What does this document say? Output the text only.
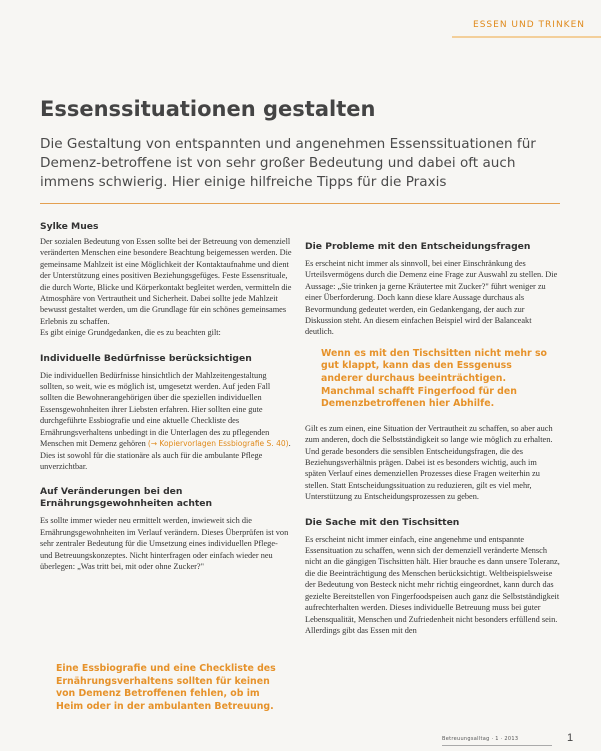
ESSEN UND TRINKEN
Essenssituationen gestalten

Die Gestaltung von entspannten und angenehmen Essenssituationen für Demenz-betroffene ist von sehr großer Bedeutung und dabei oft auch immens schwierig. Hier einige hilfreiche Tipps für die Praxis

Sylke Mues

Der sozialen Bedeutung von Essen sollte bei der Betreuung von demenziell veränderten Menschen eine besondere Beachtung beigemessen werden. Die gemeinsame Mahlzeit ist eine Möglichkeit der Kontaktaufnahme und dient der Unterstützung eines positiven Beziehungsgefüges. Feste Essensrituale, die durch Worte, Blicke und Körperkontakt begleitet werden, vermitteln die Atmosphäre von Vertrautheit und Sicherheit. Dabei sollte jede Mahlzeit bewusst gestaltet werden, um die Grundlage für ein schönes gemeinsames Erlebnis zu schaffen.

Es gibt einige Grundgedanken, die es zu beachten gilt:

Individuelle Bedürfnisse berücksichtigen

Die individuellen Bedürfnisse hinsichtlich der Mahlzeitengestaltung sollten, so weit, wie es möglich ist, umgesetzt werden. Auf jeden Fall sollten die Bewohnerangehörigen über die speziellen individuellen Essensgewohnheiten ihrer Liebsten erfahren. Hier sollten eine gute durchgeführte Essbiografie und eine aktuelle Checkliste des Ernährungsverhaltens unbedingt in die Unterlagen des zu pflegenden Menschen mit Demenz gehören (→ Kopiervorlagen Essbiografie S. 40). Dies ist sowohl für die stationäre als auch für die ambulante Pflege unverzichtbar.

Auf Veränderungen bei den
Ernährungsgewohnheiten achten

Es sollte immer wieder neu ermittelt werden, inwieweit sich die Ernährungsgewohnheiten im Verlauf verändern. Dieses Überprüfen ist von sehr zentraler Bedeutung für die Umsetzung eines individuellen Pflege- und Betreuungskonzeptes. Nicht hinterfragen oder einfach wieder neu überlegen: „Was tritt bei, mit oder ohne Zucker?"

Eine Essbiografie und eine Checkliste des Ernährungsverhaltens sollten für keinen von Demenz Betroffenen fehlen, ob im Heim oder in der ambulanten Betreuung.
Die Probleme mit den Entscheidungsfragen

Es erscheint nicht immer als sinnvoll, bei einer Einschränkung des Urteilsvermögens durch die Demenz eine Frage zur Auswahl zu stellen. Die Aussage: „Sie trinken ja gerne Kräutertee mit Zucker?" führt weniger zu einer Überforderung. Doch kann diese klare Aussage durchaus als Bevormundung gedeutet werden, ein Gedankengang, der auch zur Diskussion steht. An diesem einfachen Beispiel wird der Balanceakt deutlich.

Wenn es mit den Tischsitten nicht mehr so gut klappt, kann das den Essgenuss anderer durchaus beeinträchtigen. Manchmal schafft Fingerfood für den Demenzbetroffenen hier Abhilfe.

Gilt es zum einen, eine Situation der Vertrautheit zu schaffen, so aber auch zum anderen, doch die Selbstständigkeit so lange wie möglich zu erhalten. Und gerade besonders die sensiblen Entscheidungsfragen, die des Beziehungsverhältnis prägen. Dabei ist es besonders wichtig, auch im späten Verlauf eines demenziellen Prozesses diese Fragen weiterhin zu stellen. Statt Entscheidungssituation zu reduzieren, gilt es viel mehr, Unterstützung zu Entscheidungsprozessen zu geben.

Die Sache mit den Tischsitten

Es erscheint nicht immer einfach, eine angenehme und entspannte Essensituation zu schaffen, wenn sich der demenziell veränderte Mensch nicht an die gängigen Tischsitten hält. Hier brauche es dann unsere Toleranz, die die Beeinträchtigung des Menschen berücksichtigt. Weltbeispielsweise der Bedeutung von Besteck nicht mehr richtig eingeordnet, kann durch das gezielte Bereitstellen von Fingerfoodspeisen auch ganz die Selbstständigkeit aufrechterhalten werden. Dieses individuelle Betreuung muss bei guter Lebensqualität, Menschen und Zufriedenheit nicht besonders erfüllend sein. Allerdings gibt das Essen mit den

Betreuungsalltag · 1 · 2013	1
